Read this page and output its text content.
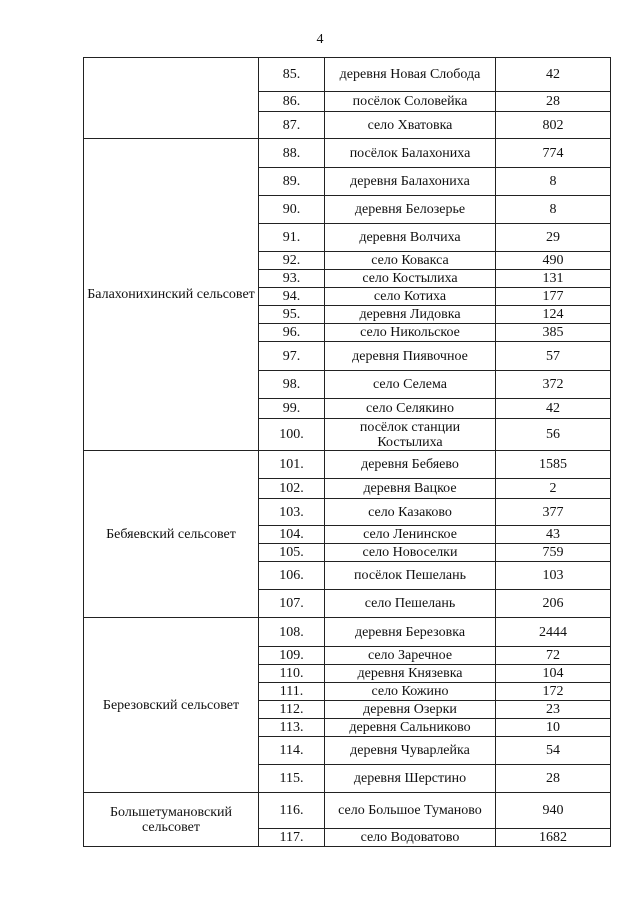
4
	85.	деревня Новая Слобода	42
	86.	посёлок Соловейка	28
	87.	село Хватовка	802
Балахонихинский сельсовет	88.	посёлок Балахониха	774
	89.	деревня Балахониха	8
	90.	деревня Белозерье	8
	91.	деревня Волчиха	29
	92.	село Ковакса	490
	93.	село Костылиха	131
	94.	село Котиха	177
	95.	деревня Лидовка	124
	96.	село Никольское	385
	97.	деревня Пиявочное	57
	98.	село Селема	372
	99.	село Селякино	42
	100.	посёлок станции Костылиха	56
Бебяевский сельсовет	101.	деревня Бебяево	1585
	102.	деревня Вацкое	2
	103.	село Казаково	377
	104.	село Ленинское	43
	105.	село Новоселки	759
	106.	посёлок Пешелань	103
	107.	село Пешелань	206
Березовский сельсовет	108.	деревня Березовка	2444
	109.	село Заречное	72
	110.	деревня Князевка	104
	111.	село Кожино	172
	112.	деревня Озерки	23
	113.	деревня Сальниково	10
	114.	деревня Чуварлейка	54
	115.	деревня Шерстино	28
Большетумановский сельсовет	116.	село Большое Туманово	940
	117.	село Водоватово	1682
